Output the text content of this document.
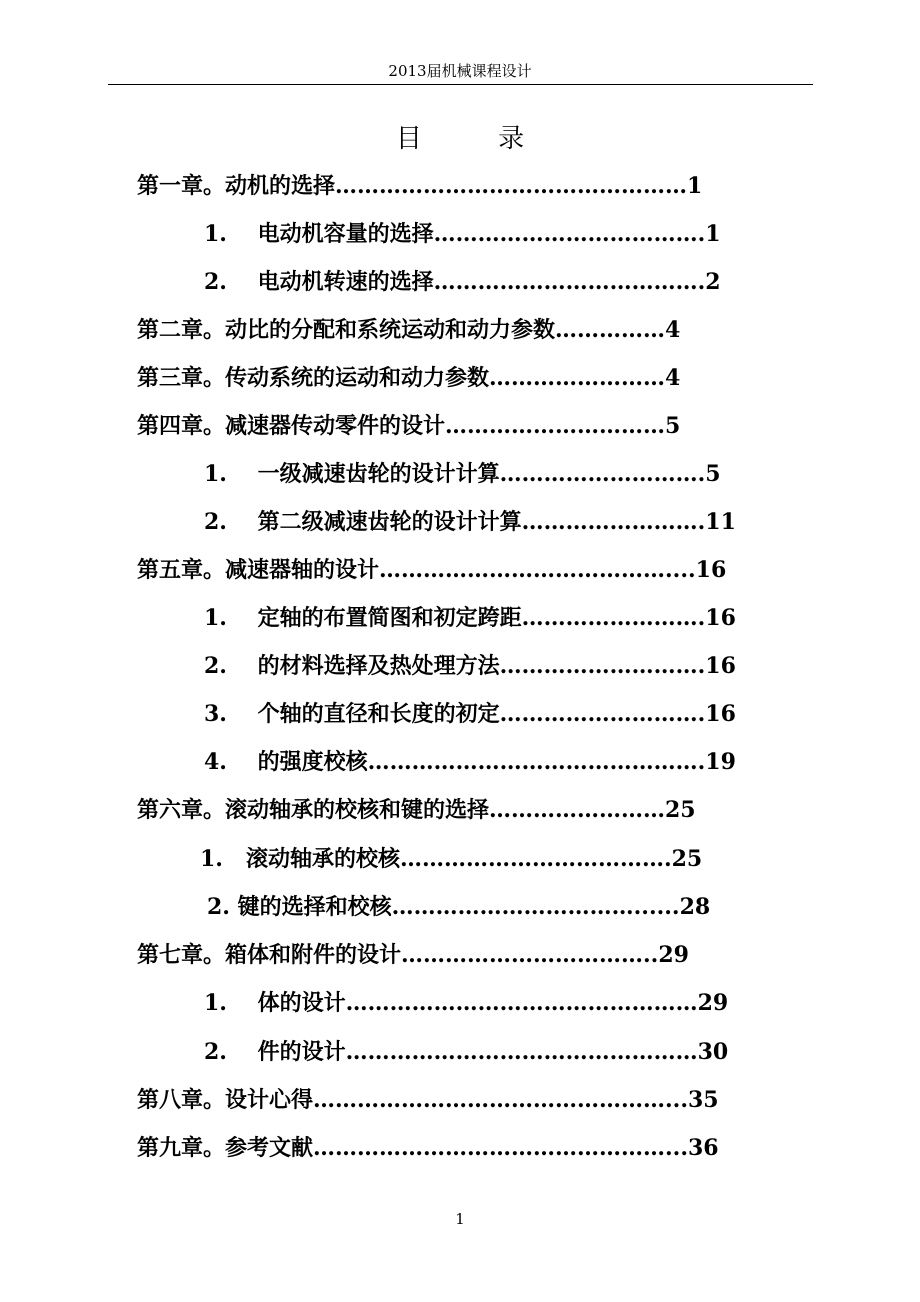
2013届机械课程设计
目 录
第一章。动机的选择…………………………………………1
1.    电动机容量的选择……………………………….1
2.    电动机转速的选择……………………………….2
第二章。动比的分配和系统运动和动力参数……………4
第三章。传动系统的运动和动力参数……………………4
第四章。减速器传动零件的设计…………………………5
1.    一级减速齿轮的设计计算……………………….5
2.    第二级减速齿轮的设计计算…………………….11
第五章。减速器轴的设计…………………………………....16
1.    定轴的布置简图和初定跨距…………………….16
2.    的材料选择及热处理方法……………………….16
3.    个轴的直径和长度的初定……………………….16
4.    的强度校核……………………………………….19
第六章。滚动轴承的校核和键的选择……………………25
1.   滚动轴承的校核……………………………….25
2. 键的选择和校核……………………………......28
第七章。箱体和附件的设计……………………………..29
1.    体的设计…………………………………………29
2.    件的设计…………………………………………30
第八章。设计心得…………………………………………...35
第九章。参考文献…………………………………………...36
1
